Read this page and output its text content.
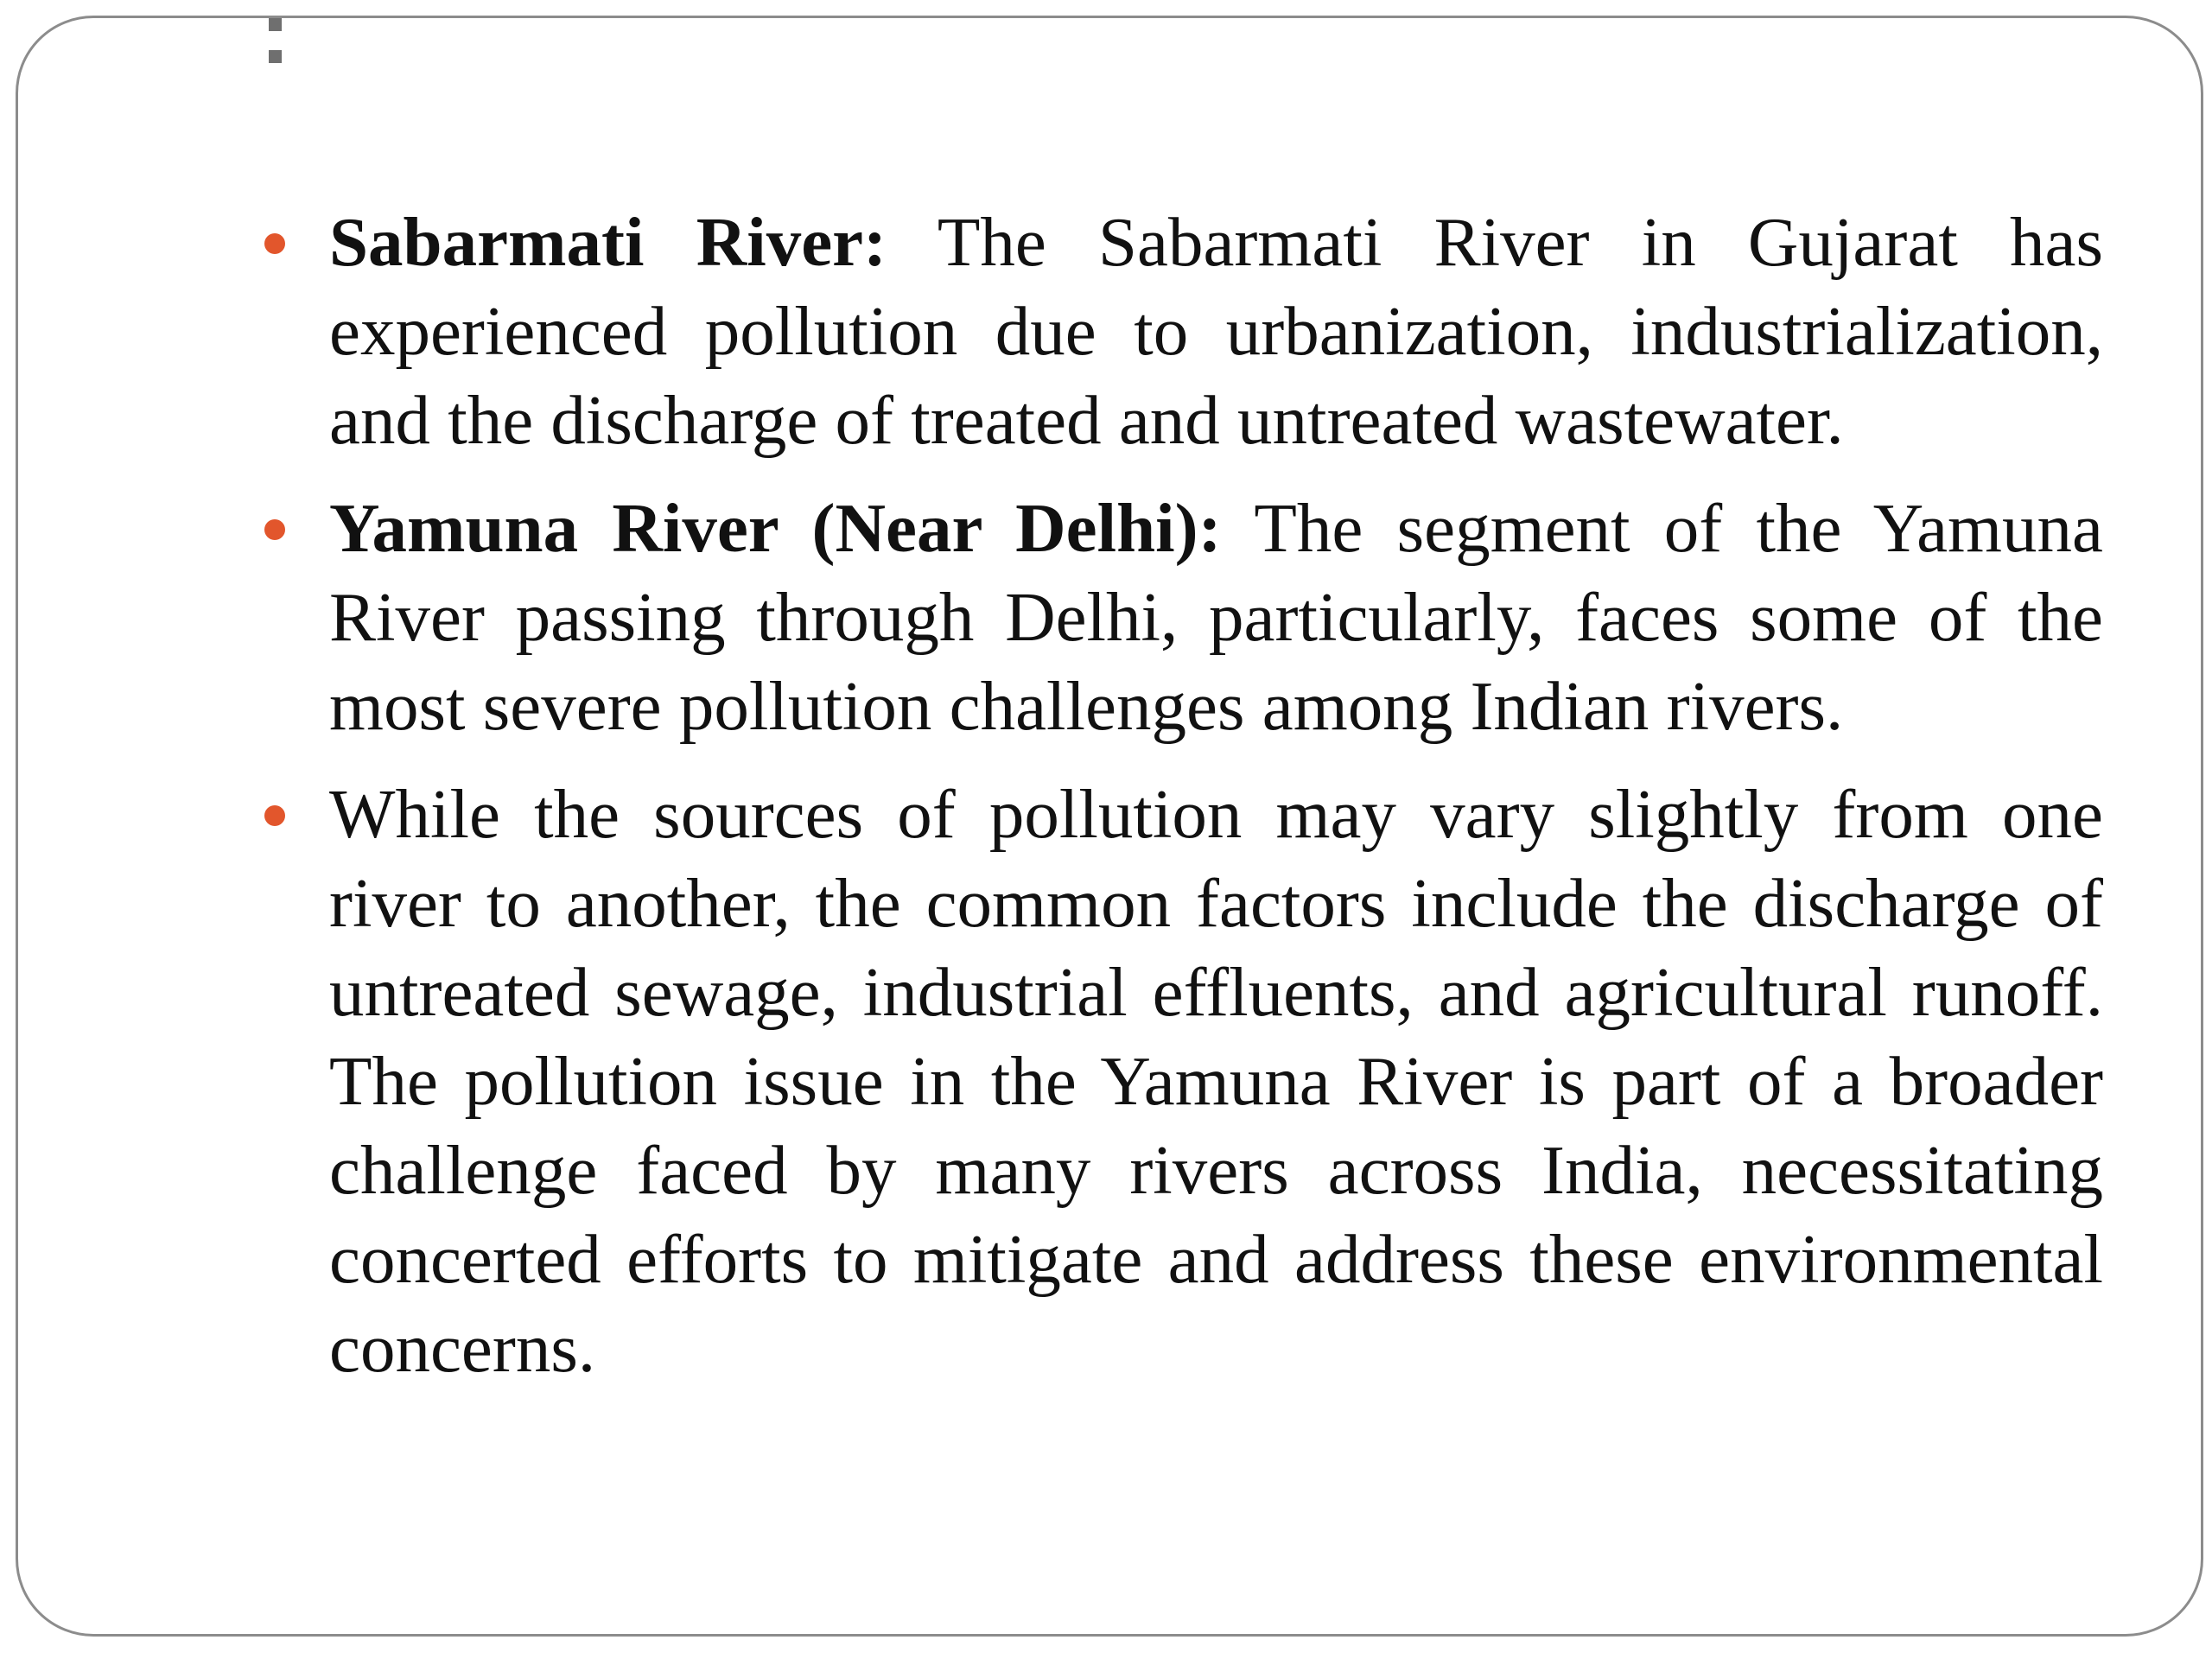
Sabarmati River: The Sabarmati River in Gujarat has experienced pollution due to urbanization, industrialization, and the discharge of treated and untreated wastewater.
Yamuna River (Near Delhi): The segment of the Yamuna River passing through Delhi, particularly, faces some of the most severe pollution challenges among Indian rivers.
While the sources of pollution may vary slightly from one river to another, the common factors include the discharge of untreated sewage, industrial effluents, and agricultural runoff. The pollution issue in the Yamuna River is part of a broader challenge faced by many rivers across India, necessitating concerted efforts to mitigate and address these environmental concerns.
